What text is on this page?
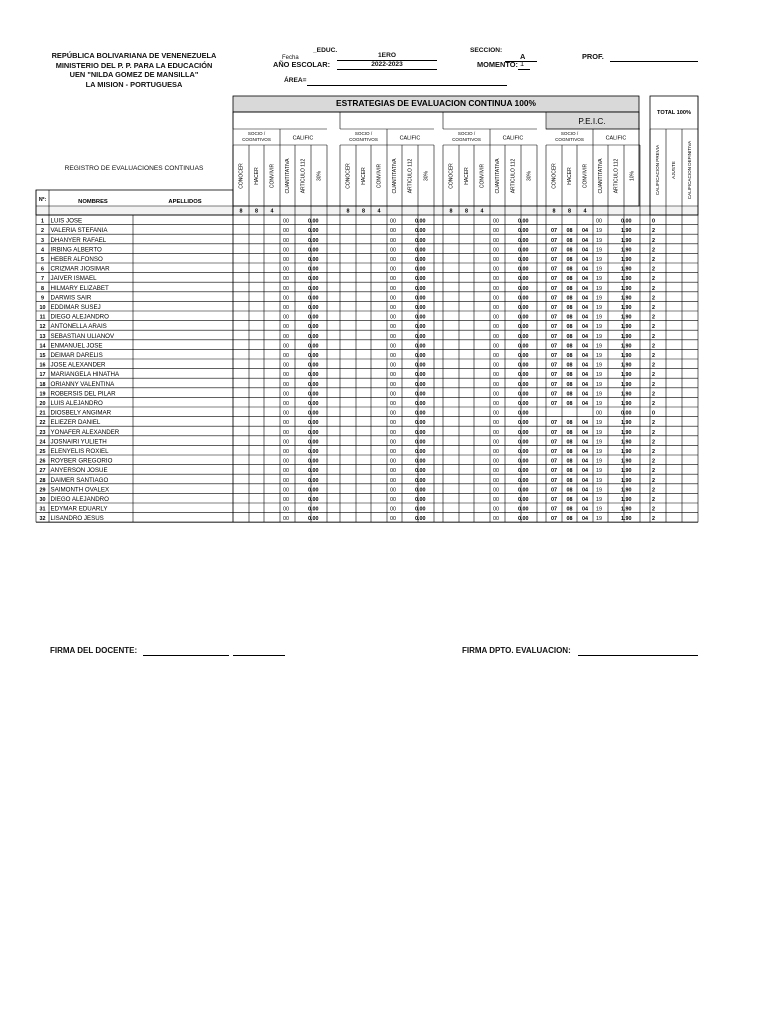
REPÚBLICA BOLIVARIANA DE VENENEZUELA
MINISTERIO DEL P. P. PARA LA EDUCACIÓN
UEN "NILDA GOMEZ DE MANSILLA"
LA MISION - PORTUGUESA
_EDUC.
Fecha
AÑO ESCOLAR:
1ERO
2022-2023
SECCION:
A
MOMENTO: 1
PROF.
ÁREA=
REGISTRO DE EVALUACIONES CONTINUAS
ESTRATEGIAS DE EVALUACION CONTINUA 100%
TOTAL 100%
P.E.I.C.
SOCIO /
COGNITIVOS	CALIFIC
CONOCER HACER CONVIVIR CUANTITATIVA ARTICULO 112 30%
8 8 4
SOCIO /
COGNITIVOS	CALIFIC
CONOCER HACER CONVIVIR CUANTITATIVA ARTICULO 112 30%
8 8 4
SOCIO /
COGNITIVOS	CALIFIC
CONOCER HACER CONVIVIR CUANTITATIVA ARTICULO 112 30%
8 8 4
SOCIO /
COGNITIVOS	CALIFIC
CONOCER HACER CONVIVIR CUANTITATIVA ARTICULO 112 10%
8 8 4
CALIFICACION PREVIA AJUSTE CALIFICACION DEFINITIVA
Nº:	NOMBRES	APELLIDOS
1 LUIS JOSE	00	0.00	00	0.00	00	0.00	00	0.00	0
2 VALERIA STEFANIA	00	0.00	00	0.00	00	0.00	07 08 04 19	1.90	2
3 DHANYER RAFAEL	00	0.00	00	0.00	00	0.00	07 08 04 19	1.90	2
4 IRBING ALBERTO	00	0.00	00	0.00	00	0.00	07 08 04 19	1.90	2
5 HEBER ALFONSO	00	0.00	00	0.00	00	0.00	07 08 04 19	1.90	2
6 CRIZMAR JIOSIMAR	00	0.00	00	0.00	00	0.00	07 08 04 19	1.90	2
7 JAIVER ISMAEL	00	0.00	00	0.00	00	0.00	07 08 04 19	1.90	2
8 HILMARY ELIZABET	00	0.00	00	0.00	00	0.00	07 08 04 19	1.90	2
9 DARWIS SAIR	00	0.00	00	0.00	00	0.00	07 08 04 19	1.90	2
10 EDDIMAR SUSEJ	00	0.00	00	0.00	00	0.00	07 08 04 19	1.90	2
11 DIEGO ALEJANDRO	00	0.00	00	0.00	00	0.00	07 08 04 19	1.90	2
12 ANTONELLA ARAIS	00	0.00	00	0.00	00	0.00	07 08 04 19	1.90	2
13 SEBASTIAN ULIANOV	00	0.00	00	0.00	00	0.00	07 08 04 19	1.90	2
14 ENMANUEL JOSE	00	0.00	00	0.00	00	0.00	07 08 04 19	1.90	2
15 DEIMAR DARELIS	00	0.00	00	0.00	00	0.00	07 08 04 19	1.90	2
16 JOSE ALEXANDER	00	0.00	00	0.00	00	0.00	07 08 04 19	1.90	2
17 MARIANGELA HINATHA	00	0.00	00	0.00	00	0.00	07 08 04 19	1.90	2
18 ORIANNY VALENTINA	00	0.00	00	0.00	00	0.00	07 08 04 19	1.90	2
19 ROBERSIS DEL PILAR	00	0.00	00	0.00	00	0.00	07 08 04 19	1.90	2
20 LUIS ALEJANDRO	00	0.00	00	0.00	00	0.00	07 08 04 19	1.90	2
21 DIOSBELY ANGIMAR	00	0.00	00	0.00	00	0.00	00	0.00	0
22 ELIEZER DANIEL	00	0.00	00	0.00	00	0.00	07 08 04 19	1.90	2
23 YONAFER ALEXANDER	00	0.00	00	0.00	00	0.00	07 08 04 19	1.90	2
24 JOSNAIRI YULIETH	00	0.00	00	0.00	00	0.00	07 08 04 19	1.90	2
25 ELENYELIS ROXIEL	00	0.00	00	0.00	00	0.00	07 08 04 19	1.90	2
26 ROYBER GREGORIO	00	0.00	00	0.00	00	0.00	07 08 04 19	1.90	2
27 ANYERSON JOSUE	00	0.00	00	0.00	00	0.00	07 08 04 19	1.90	2
28 DAIMER SANTIAGO	00	0.00	00	0.00	00	0.00	07 08 04 19	1.90	2
29 SAIMONTH OVALEX	00	0.00	00	0.00	00	0.00	07 08 04 19	1.90	2
30 DIEGO ALEJANDRO	00	0.00	00	0.00	00	0.00	07 08 04 19	1.90	2
31 EDYMAR EDUARLY	00	0.00	00	0.00	00	0.00	07 08 04 19	1.90	2
32 LISANDRO JESUS	00	0.00	00	0.00	00	0.00	07 08 04 19	1.90	2
FIRMA DEL DOCENTE:	FIRMA DPTO. EVALUACION:
